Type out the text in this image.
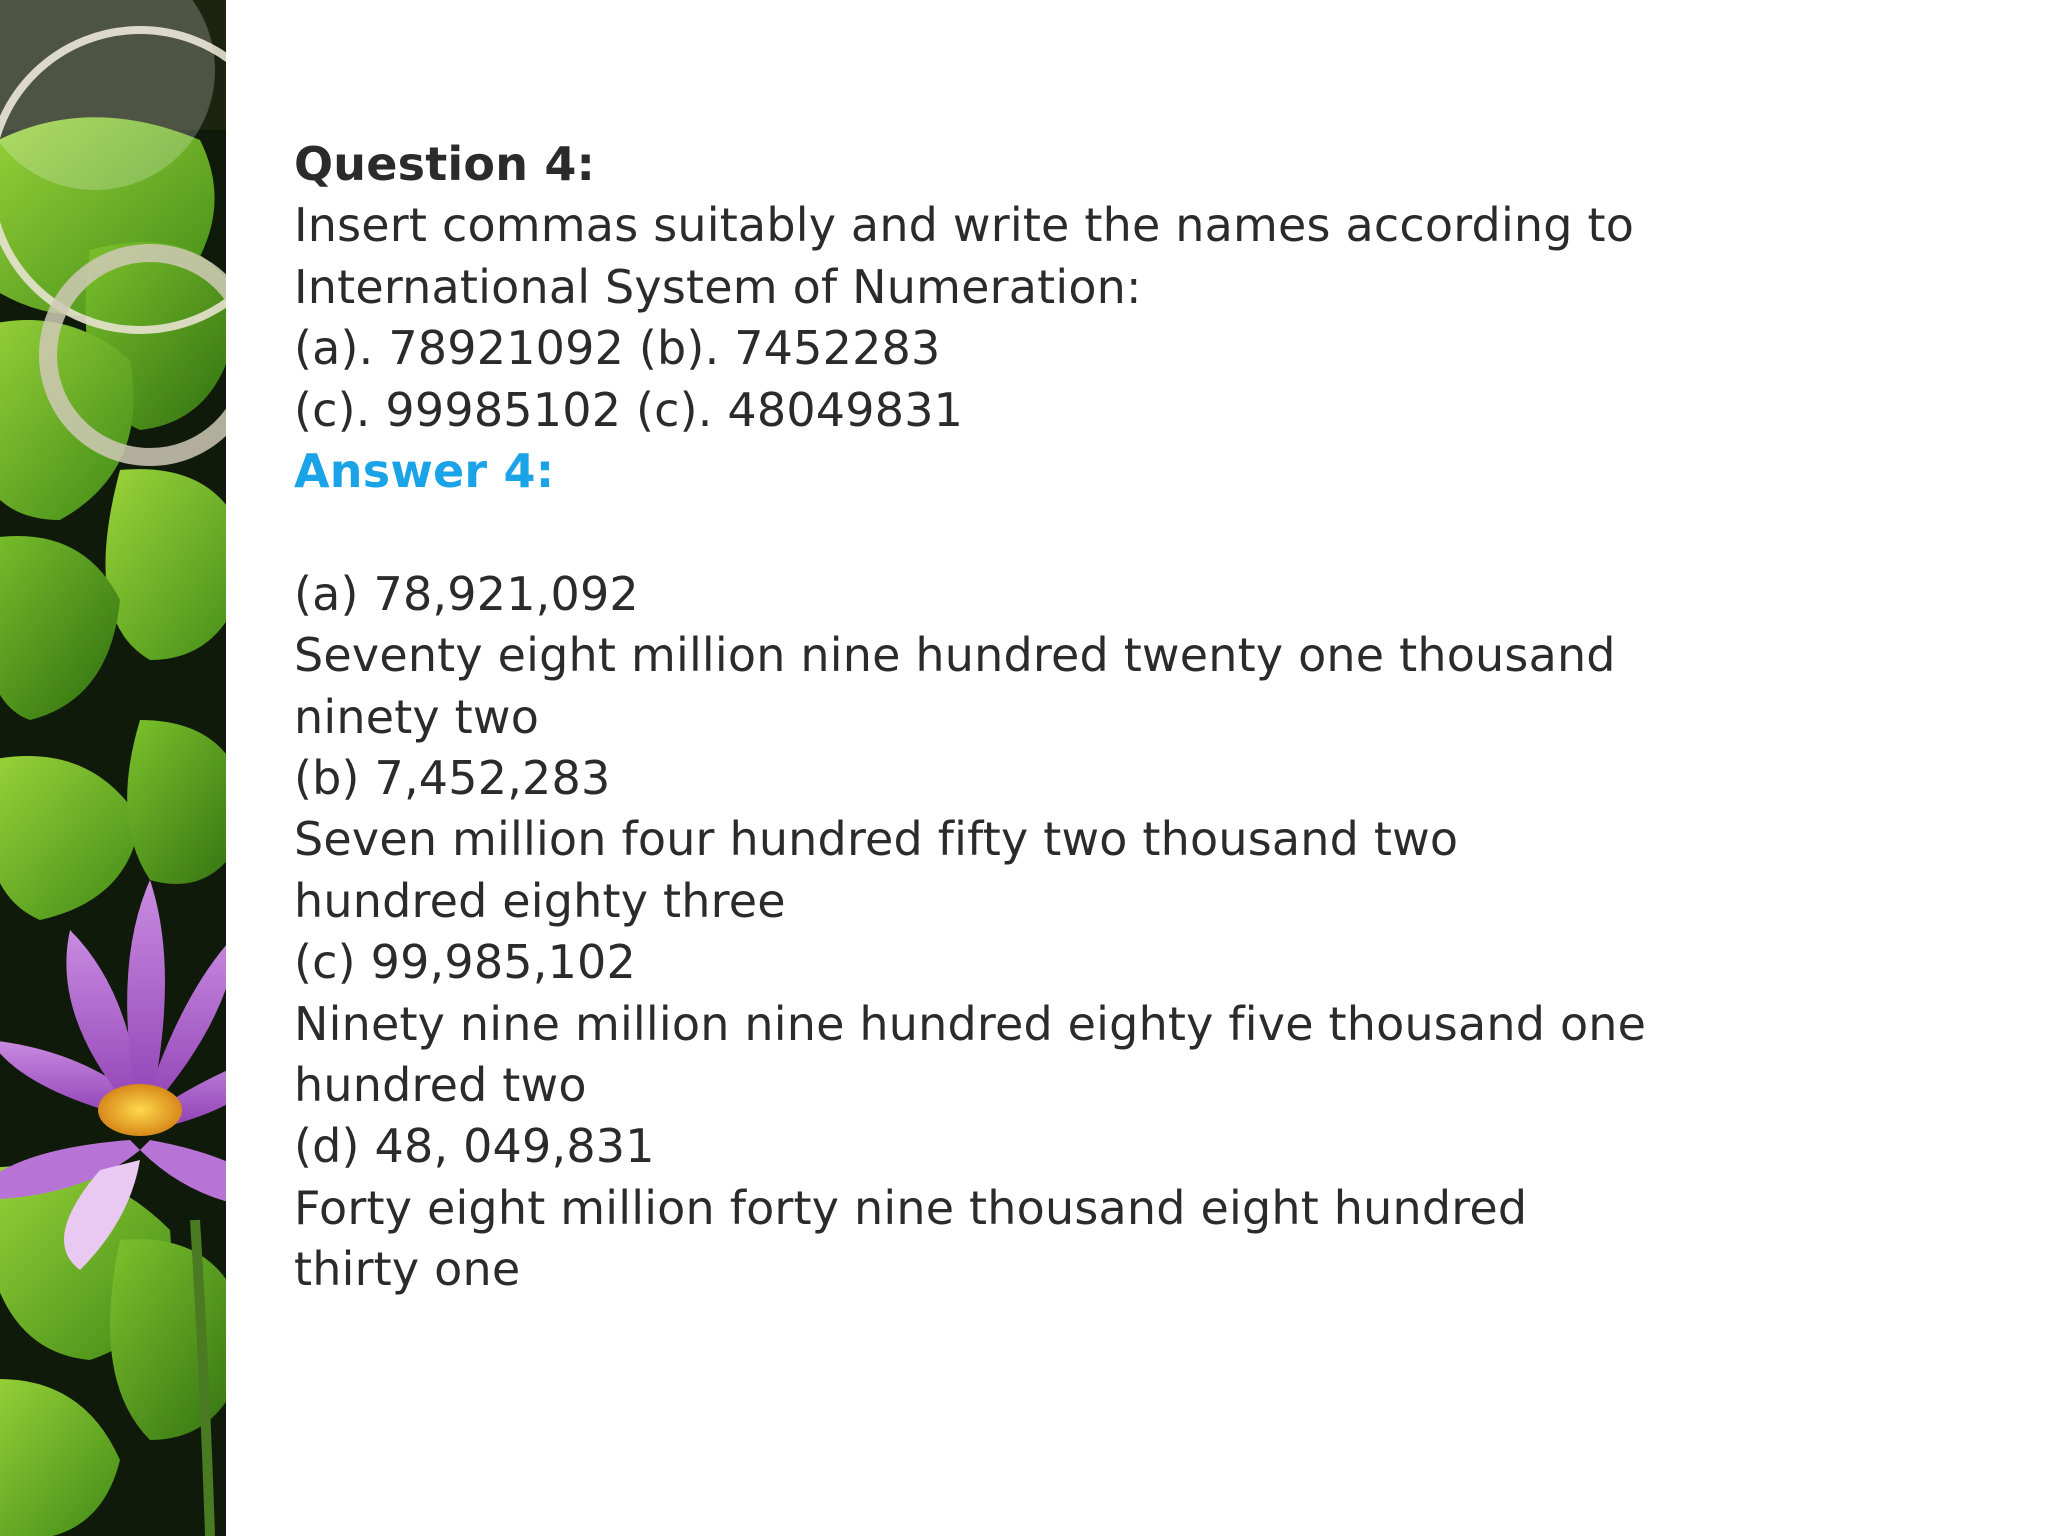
Question 4:
Insert commas suitably and write the names according to
International System of Numeration:
(a). 78921092 (b). 7452283
(c). 99985102 (c). 48049831
Answer 4:
(a) 78,921,092
Seventy eight million nine hundred twenty one thousand
ninety two
(b) 7,452,283
Seven million four hundred fifty two thousand two
hundred eighty three
(c) 99,985,102
Ninety nine million nine hundred eighty five thousand one
hundred two
(d) 48, 049,831
Forty eight million forty nine thousand eight hundred
thirty one
